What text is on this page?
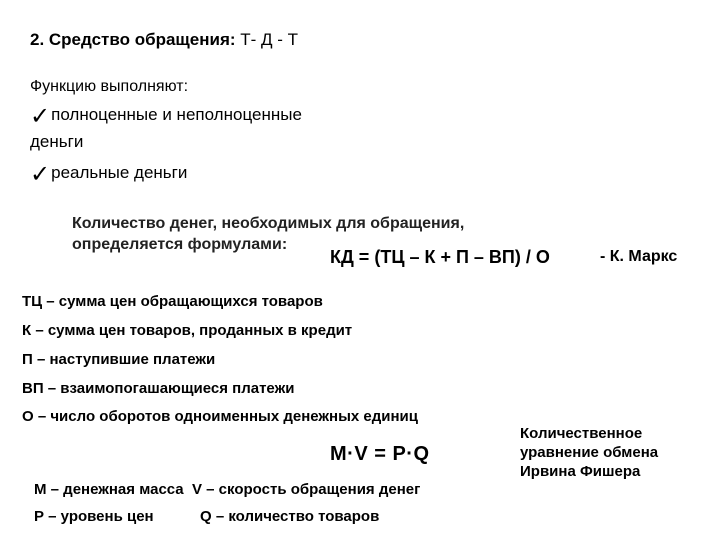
2. Средство обращения: Т- Д - Т
Функцию выполняют:
✓ полноценные и неполноценные
деньги
✓ реальные деньги
Количество денег, необходимых для обращения,
определяется формулами:
КД = (ТЦ – К + П – ВП) / О	- К. Маркс
ТЦ – сумма цен обращающихся товаров
К – сумма цен товаров, проданных в кредит
П – наступившие платежи
ВП – взаимопогашающиеся платежи
О – число оборотов одноименных денежных единиц
M·V = P·Q
Количественное
уравнение обмена
Ирвина Фишера
М – денежная масса V – скорость обращения денег
Р – уровень цен	Q – количество товаров
